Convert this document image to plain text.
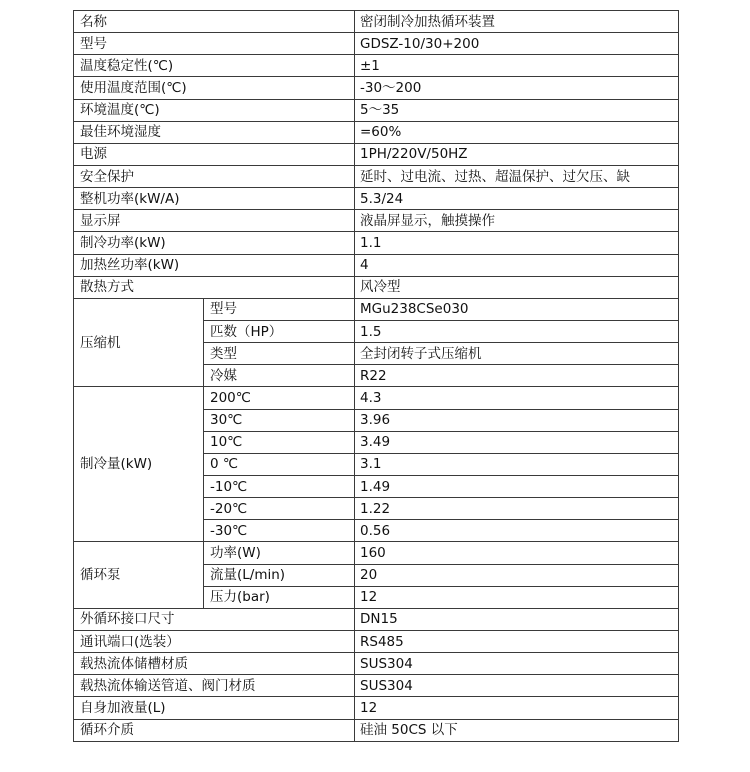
名称		密闭制冷加热循环装置
型号		GDSZ-10/30+200
温度稳定性(℃)		±1
使用温度范围(℃)		-30～200
环境温度(℃)		5～35
最佳环境湿度		=60%
电源		1PH/220V/50HZ
安全保护		延时、过电流、过热、超温保护、过欠压、缺
整机功率(kW/A)		5.3/24
显示屏		液晶屏显示，触摸操作
制冷功率(kW)		1.1
加热丝功率(kW)		4
散热方式		风冷型
压缩机	型号	MGu238CSe030
	匹数（HP）	1.5
	类型	全封闭转子式压缩机
	冷媒	R22
制冷量(kW)	200℃	4.3
	30℃	3.96
	10℃	3.49
	0 ℃	3.1
	-10℃	1.49
	-20℃	1.22
	-30℃	0.56
循环泵	功率(W)	160
	流量(L/min)	20
	压力(bar)	12
外循环接口尺寸		DN15
通讯端口(选装）		RS485
载热流体储槽材质		SUS304
载热流体输送管道、阀门材质		SUS304
自身加液量(L)		12
循环介质		硅油 50CS 以下
